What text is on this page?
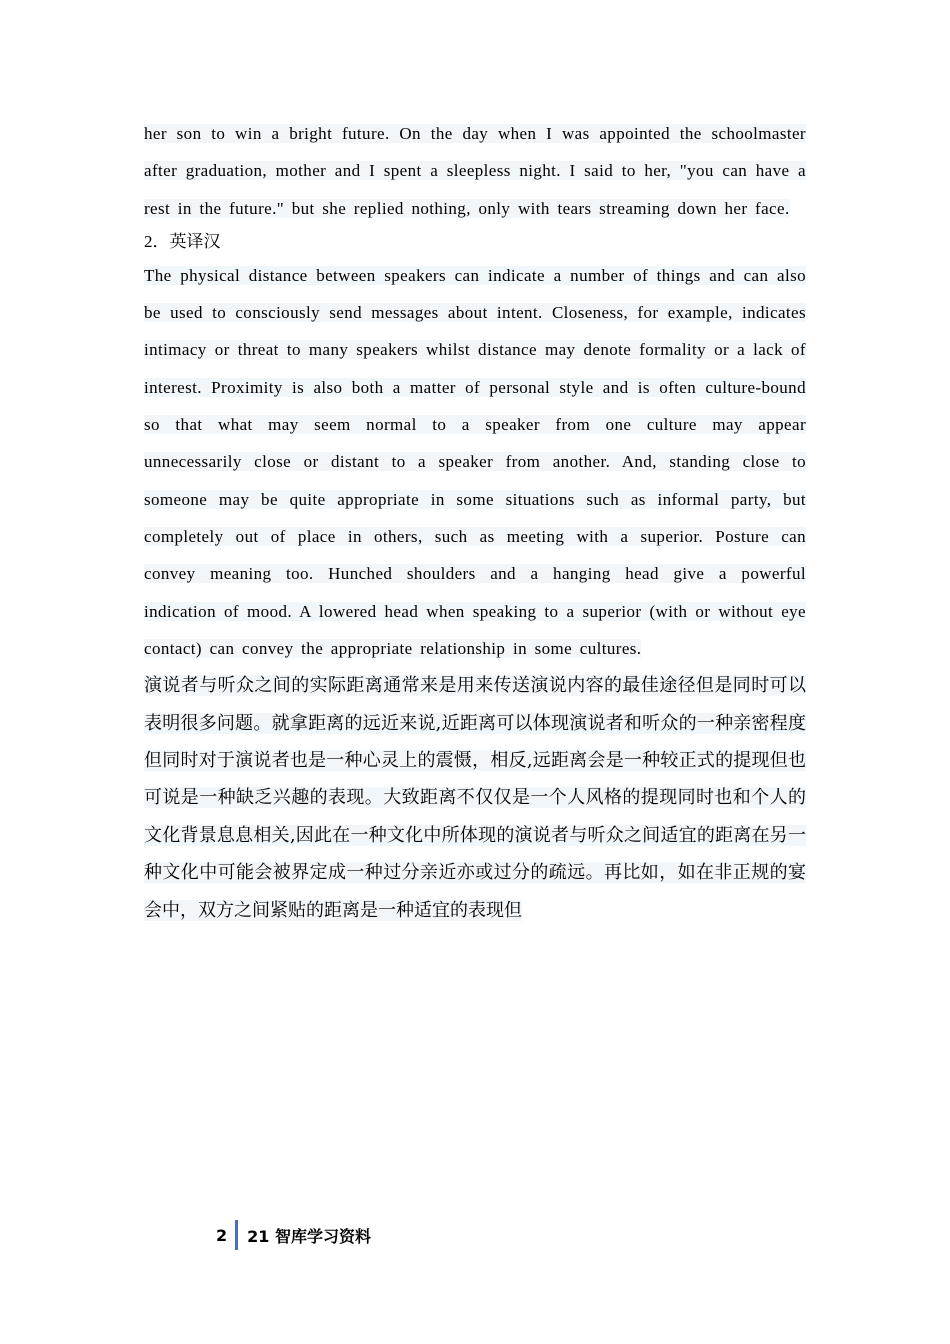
her son to win a bright future. On the day when I was appointed the schoolmaster after graduation, mother and I spent a sleepless night. I said to her, "you can have a rest in the future." but she replied nothing, only with tears streaming down her face.

2．英译汉

The physical distance between speakers can indicate a number of things and can also be used to consciously send messages about intent. Closeness, for example, indicates intimacy or threat to many speakers whilst distance may denote formality or a lack of interest. Proximity is also both a matter of personal style and is often culture-bound so that what may seem normal to a speaker from one culture may appear unnecessarily close or distant to a speaker from another. And, standing close to someone may be quite appropriate in some situations such as informal party, but completely out of place in others, such as meeting with a superior. Posture can convey meaning too. Hunched shoulders and a hanging head give a powerful indication of mood. A lowered head when speaking to a superior (with or without eye contact) can convey the appropriate relationship in some cultures.

演说者与听众之间的实际距离通常来是用来传送演说内容的最佳途径但是同时可以表明很多问题。就拿距离的远近来说,近距离可以体现演说者和听众的一种亲密程度但同时对于演说者也是一种心灵上的震慑，相反,远距离会是一种较正式的提现但也可说是一种缺乏兴趣的表现。大致距离不仅仅是一个人风格的提现同时也和个人的文化背景息息相关,因此在一种文化中所体现的演说者与听众之间适宜的距离在另一种文化中可能会被界定成一种过分亲近亦或过分的疏远。再比如，如在非正规的宴会中，双方之间紧贴的距离是一种适宜的表现但

2 21 智库学习资料
